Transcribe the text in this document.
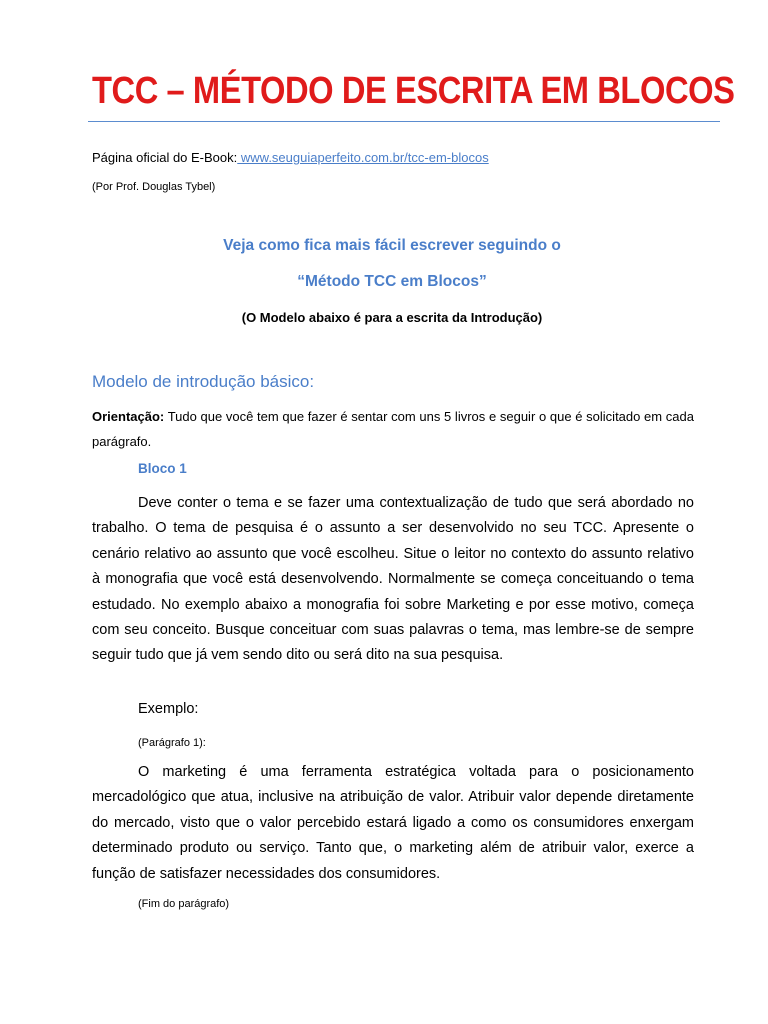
TCC – MÉTODO DE ESCRITA EM BLOCOS
Página oficial do E-Book: www.seuguiaperfeito.com.br/tcc-em-blocos
(Por Prof. Douglas Tybel)
Veja como fica mais fácil escrever seguindo o
“Método TCC em Blocos”
(O Modelo abaixo é para a escrita da Introdução)
Modelo de introdução básico:
Orientação: Tudo que você tem que fazer é sentar com uns 5 livros e seguir o que é solicitado em cada parágrafo.
Bloco 1
Deve conter o tema e se fazer uma contextualização de tudo que será abordado no trabalho. O tema de pesquisa é o assunto a ser desenvolvido no seu TCC. Apresente o cenário relativo ao assunto que você escolheu. Situe o leitor no contexto do assunto relativo à monografia que você está desenvolvendo. Normalmente se começa conceituando o tema estudado. No exemplo abaixo a monografia foi sobre Marketing e por esse motivo, começa com seu conceito. Busque conceituar com suas palavras o tema, mas lembre-se de sempre seguir tudo que já vem sendo dito ou será dito na sua pesquisa.
Exemplo:
(Parágrafo 1):
O marketing é uma ferramenta estratégica voltada para o posicionamento mercadológico que atua, inclusive na atribuição de valor. Atribuir valor depende diretamente do mercado, visto que o valor percebido estará ligado a como os consumidores enxergam determinado produto ou serviço. Tanto que, o marketing além de atribuir valor, exerce a função de satisfazer necessidades dos consumidores.
(Fim do parágrafo)
